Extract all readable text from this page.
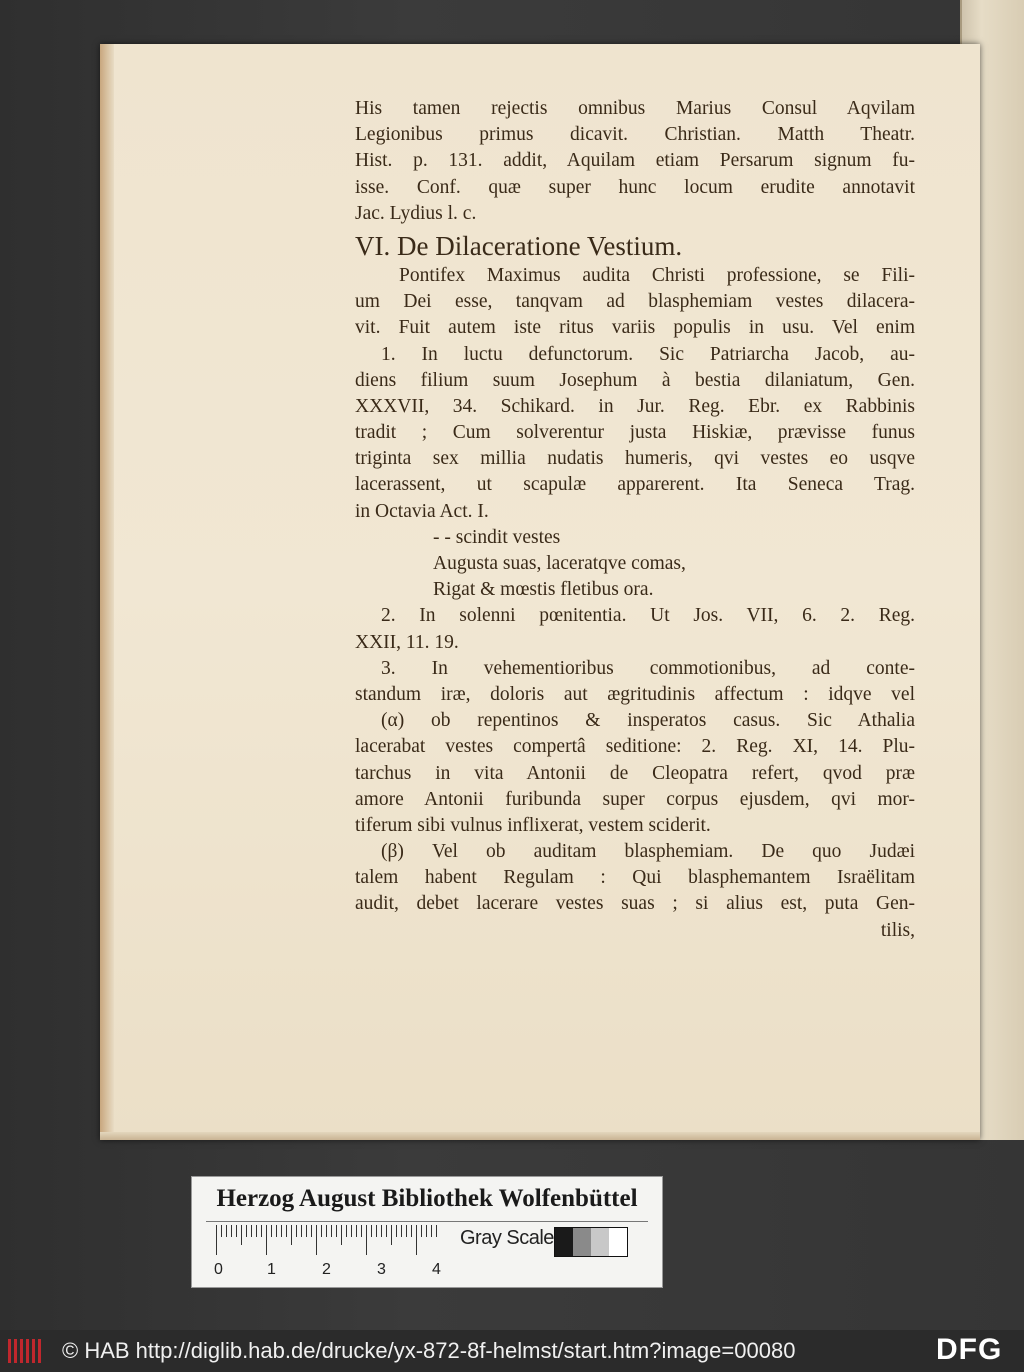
His tamen rejectis omnibus Marius Consul Aqvilam
Legionibus primus dicavit. Christian. Matth Theatr.
Hist. p. 131. addit, Aquilam etiam Persarum signum fu-
isse. Conf. quæ super hunc locum erudite annotavit
Jac. Lydius l. c.
VI. De Dilaceratione Vestium.
Pontifex Maximus audita Christi professione, se Fili-
um Dei esse, tanqvam ad blasphemiam vestes dilacera-
vit. Fuit autem iste ritus variis populis in usu. Vel enim
1. In luctu defunctorum. Sic Patriarcha Jacob, au-
diens filium suum Josephum à bestia dilaniatum, Gen.
XXXVII, 34. Schikard. in Jur. Reg. Ebr. ex Rabbinis
tradit ; Cum solverentur justa Hiskiæ, prævisse funus
triginta sex millia nudatis humeris, qvi vestes eo usqve
lacerassent, ut scapulæ apparerent. Ita Seneca Trag.
in Octavia Act. I.
- - scindit vestes
Augusta suas, laceratqve comas,
Rigat & mœstis fletibus ora.
2. In solenni pœnitentia. Ut Jos. VII, 6. 2. Reg.
XXII, 11. 19.
3. In vehementioribus commotionibus, ad conte-
standum iræ, doloris aut ægritudinis affectum : idqve vel
(α) ob repentinos & insperatos casus. Sic Athalia
lacerabat vestes compertâ seditione: 2. Reg. XI, 14. Plu-
tarchus in vita Antonii de Cleopatra refert, qvod præ
amore Antonii furibunda super corpus ejusdem, qvi mor-
tiferum sibi vulnus inflixerat, vestem sciderit.
(β) Vel ob auditam blasphemiam. De quo Judæi
talem habent Regulam : Qui blasphemantem Israëlitam
audit, debet lacerare vestes suas ; si alius est, puta Gen-
tilis,
Herzog August Bibliothek Wolfenbüttel
0	1	2	3	4
Gray Scale
© HAB http://diglib.hab.de/drucke/yx-872-8f-helmst/start.htm?image=00080	DFG
